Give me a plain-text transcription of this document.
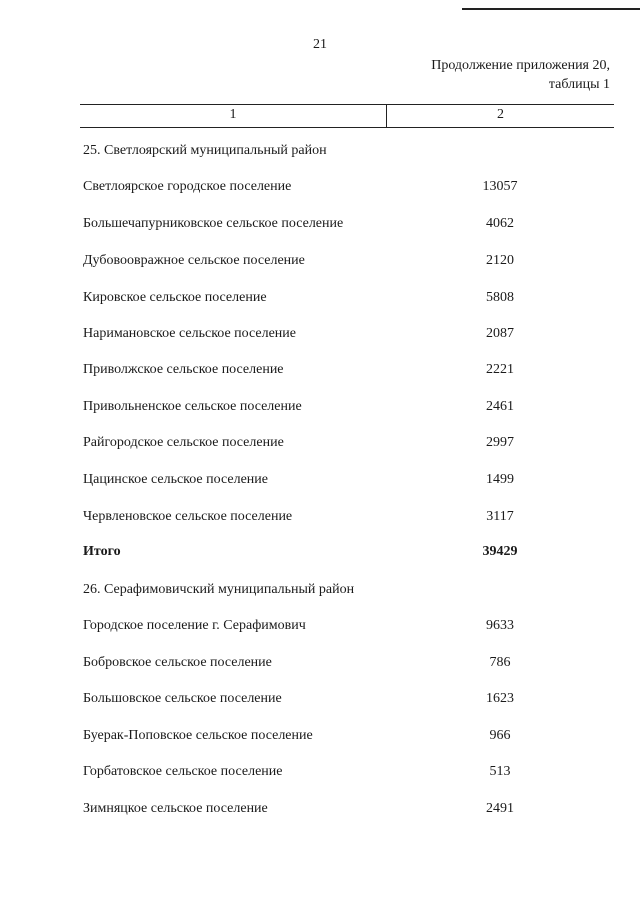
21
Продолжение приложения 20,
таблицы 1
1	2
25. Светлоярский муниципальный район
Светлоярское городское поселение	13057
Большечапурниковское сельское поселение	4062
Дубовоовражное сельское поселение	2120
Кировское сельское поселение	5808
Наримановское сельское поселение	2087
Приволжское сельское поселение	2221
Привольненское сельское поселение	2461
Райгородское сельское поселение	2997
Цацинское сельское поселение	1499
Червленовское сельское поселение	3117
Итого	39429
26. Серафимовичский муниципальный район
Городское поселение г. Серафимович	9633
Бобровское сельское поселение	786
Большовское сельское поселение	1623
Буерак-Поповское сельское поселение	966
Горбатовское сельское поселение	513
Зимняцкое сельское поселение	2491
